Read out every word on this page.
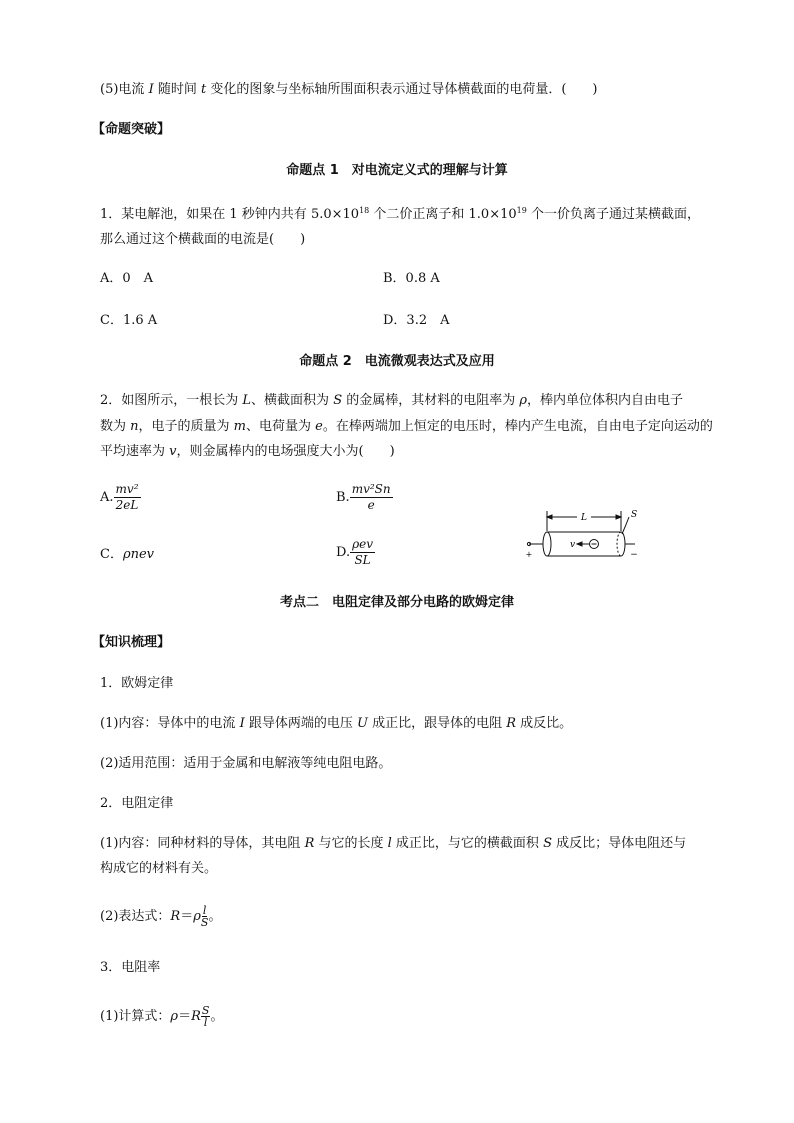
(5)电流 I 随时间 t 变化的图象与坐标轴所围面积表示通过导体横截面的电荷量．(　　)
【命题突破】
命题点 1　对电流定义式的理解与计算
1．某电解池，如果在 1 秒钟内共有 $5.0\times 10^{18}$ 个二价正离子和 $1.0\times 10^{19}$ 个一价负离子通过某横截面，
那么通过这个横截面的电流是(　　)
A．0　A	B．0.8 A
C．1.6 A	D．3.2　A
命题点 2　电流微观表达式及应用
2．如图所示，一根长为 L、横截面积为 S 的金属棒，其材料的电阻率为 ρ，棒内单位体积内自由电子
数为 n，电子的质量为 m、电荷量为 e。在棒两端加上恒定的电压时，棒内产生电流，自由电子定向运动的
平均速率为 v，则金属棒内的电场强度大小为(　　)
A. $\frac{\text{mv²}}{2eL}$	B. $\frac{\text{mv²Sn}}{e}$
C．ρnev	D. $\frac{\text{ρev}}{SL}$
L	S
v
+	−
考点二　电阻定律及部分电路的欧姆定律
【知识梳理】
1．欧姆定律
(1)内容：导体中的电流 I 跟导体两端的电压 U 成正比，跟导体的电阻 R 成反比。
(2)适用范围：适用于金属和电解液等纯电阻电路。
2．电阻定律
(1)内容：同种材料的导体，其电阻 R 与它的长度 l 成正比，与它的横截面积 S 成反比；导体电阻还与
构成它的材料有关。
(2)表达式：$R=\rho \frac{l}{S}$ 。
3．电阻率
(1)计算式：$\rho=R \frac{S}{l}$ 。
